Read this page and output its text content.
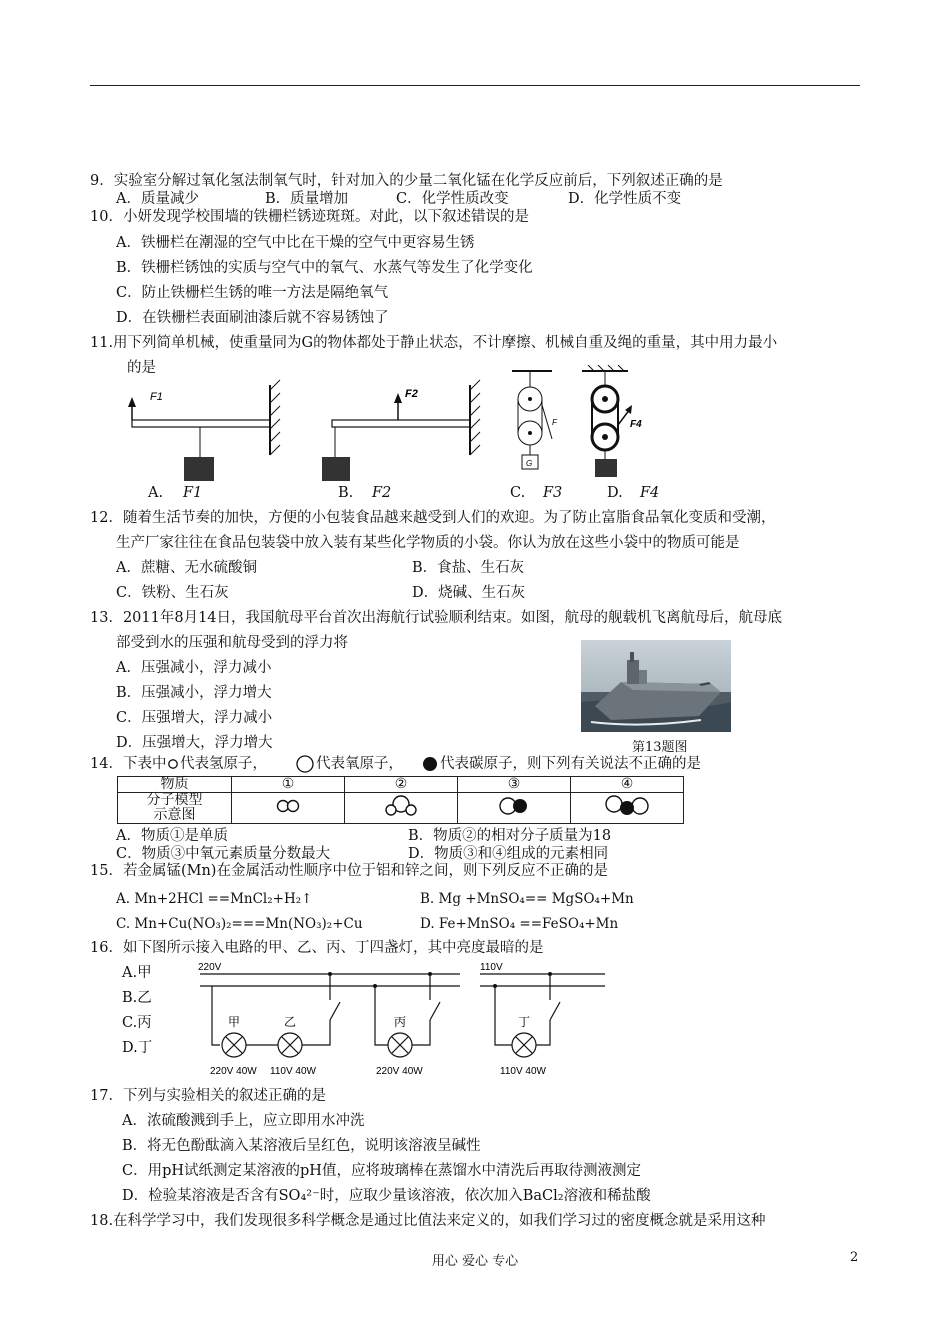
9．实验室分解过氧化氢法制氧气时，针对加入的少量二氧化锰在化学反应前后，下列叙述正确的是
A．质量减少	B．质量增加	C．化学性质改变	D．化学性质不变
10．小妍发现学校围墙的铁栅栏锈迹斑斑。对此，以下叙述错误的是
A．铁栅栏在潮湿的空气中比在干燥的空气中更容易生锈
B．铁栅栏锈蚀的实质与空气中的氧气、水蒸气等发生了化学变化
C．防止铁栅栏生锈的唯一方法是隔绝氧气
D．在铁栅栏表面刷油漆后就不容易锈蚀了
11.用下列简单机械，使重量同为G的物体都处于静止状态，不计摩擦、机械自重及绳的重量，其中用力最小
的是
F1	F2
F
G
F4
A. F1	B. F2	C. F3	D. F4
12．随着生活节奏的加快，方便的小包装食品越来越受到人们的欢迎。为了防止富脂食品氧化变质和受潮，
生产厂家往往在食品包装袋中放入装有某些化学物质的小袋。你认为放在这些小袋中的物质可能是
A．蔗糖、无水硫酸铜	B．食盐、生石灰
C．铁粉、生石灰	D．烧碱、生石灰
13．2011年8月14日，我国航母平台首次出海航行试验顺利结束。如图，航母的舰载机飞离航母后，航母底
部受到水的压强和航母受到的浮力将
A．压强减小，浮力减小
B．压强减小，浮力增大
C．压强增大，浮力减小
D．压强增大，浮力增大	第13题图
14．下表中 代表氢原子，	代表氧原子，	代表碳原子，则下列有关说法不正确的是
物质	①	②	③	④

分子模型
示意图

A．物质①是单质	B．物质②的相对分子质量为18
C．物质③中氧元素质量分数最大	D．物质③和④组成的元素相同
15．若金属锰(Mn)在金属活动性顺序中位于铝和锌之间，则下列反应不正确的是
A. Mn+2HCl ==MnCl₂+H₂↑	B. Mg +MnSO₄== MgSO₄+Mn
C. Mn+Cu(NO₃)₂===Mn(NO₃)₂+Cu	D. Fe+MnSO₄ ==FeSO₄+Mn
16．如下图所示接入电路的甲、乙、丙、丁四盏灯，其中亮度最暗的是
A.甲
B.乙
C.丙
D.丁
220V	110V
甲	乙	丙	丁
220V 40W 110V 40W	220V 40W	110V 40W
17．下列与实验相关的叙述正确的是
A．浓硫酸溅到手上，应立即用水冲洗
B．将无色酚酞滴入某溶液后呈红色，说明该溶液呈碱性
C．用pH试纸测定某溶液的pH值，应将玻璃棒在蒸馏水中清洗后再取待测液测定
D．检验某溶液是否含有SO₄²⁻时，应取少量该溶液，依次加入BaCl₂溶液和稀盐酸
18.在科学学习中，我们发现很多科学概念是通过比值法来定义的，如我们学习过的密度概念就是采用这种
用心 爱心 专心	2
